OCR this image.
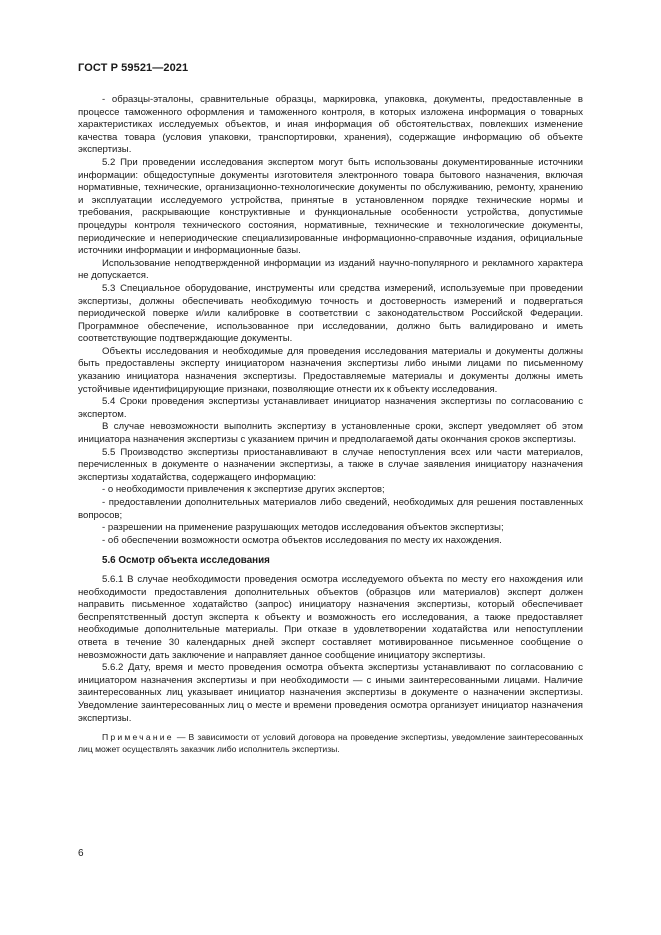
ГОСТ Р 59521—2021

- образцы-эталоны, сравнительные образцы, маркировка, упаковка, документы, предоставленные в процессе таможенного оформления и таможенного контроля, в которых изложена информация о товарных характеристиках исследуемых объектов, и иная информация об обстоятельствах, повлекших изменение качества товара (условия упаковки, транспортировки, хранения), содержащие информацию об объекте экспертизы.

5.2 При проведении исследования экспертом могут быть использованы документированные источники информации: общедоступные документы изготовителя электронного товара бытового назначения, включая нормативные, технические, организационно-технологические документы по обслуживанию, ремонту, хранению и эксплуатации исследуемого устройства, принятые в установленном порядке технические нормы и требования, раскрывающие конструктивные и функциональные особенности устройства, допустимые процедуры контроля технического состояния, нормативные, технические и технологические документы, периодические и непериодические специализированные информационно-справочные издания, официальные источники информации и информационные базы.

Использование неподтвержденной информации из изданий научно-популярного и рекламного характера не допускается.

5.3 Специальное оборудование, инструменты или средства измерений, используемые при проведении экспертизы, должны обеспечивать необходимую точность и достоверность измерений и подвергаться периодической поверке и/или калибровке в соответствии с законодательством Российской Федерации. Программное обеспечение, использованное при исследовании, должно быть валидировано и иметь соответствующие подтверждающие документы.

Объекты исследования и необходимые для проведения исследования материалы и документы должны быть предоставлены эксперту инициатором назначения экспертизы либо иными лицами по письменному указанию инициатора назначения экспертизы. Предоставляемые материалы и документы должны иметь устойчивые идентифицирующие признаки, позволяющие отнести их к объекту исследования.

5.4 Сроки проведения экспертизы устанавливает инициатор назначения экспертизы по согласованию с экспертом.

В случае невозможности выполнить экспертизу в установленные сроки, эксперт уведомляет об этом инициатора назначения экспертизы с указанием причин и предполагаемой даты окончания сроков экспертизы.

5.5 Производство экспертизы приостанавливают в случае непоступления всех или части материалов, перечисленных в документе о назначении экспертизы, а также в случае заявления инициатору назначения экспертизы ходатайства, содержащего информацию:

- о необходимости привлечения к экспертизе других экспертов;

- предоставлении дополнительных материалов либо сведений, необходимых для решения поставленных вопросов;

- разрешении на применение разрушающих методов исследования объектов экспертизы;

- об обеспечении возможности осмотра объектов исследования по месту их нахождения.

5.6 Осмотр объекта исследования

5.6.1 В случае необходимости проведения осмотра исследуемого объекта по месту его нахождения или необходимости предоставления дополнительных объектов (образцов или материалов) эксперт должен направить письменное ходатайство (запрос) инициатору назначения экспертизы, который обеспечивает беспрепятственный доступ эксперта к объекту и возможность его исследования, а также предоставляет необходимые дополнительные материалы. При отказе в удовлетворении ходатайства или непоступлении ответа в течение 30 календарных дней эксперт составляет мотивированное письменное сообщение о невозможности дать заключение и направляет данное сообщение инициатору экспертизы.

5.6.2 Дату, время и место проведения осмотра объекта экспертизы устанавливают по согласованию с инициатором назначения экспертизы и при необходимости — с иными заинтересованными лицами. Наличие заинтересованных лиц указывает инициатор назначения экспертизы в документе о назначении экспертизы. Уведомление заинтересованных лиц о месте и времени проведения осмотра организует инициатор назначения экспертизы.

Примечание — В зависимости от условий договора на проведение экспертизы, уведомление заинтересованных лиц может осуществлять заказчик либо исполнитель экспертизы.

6
